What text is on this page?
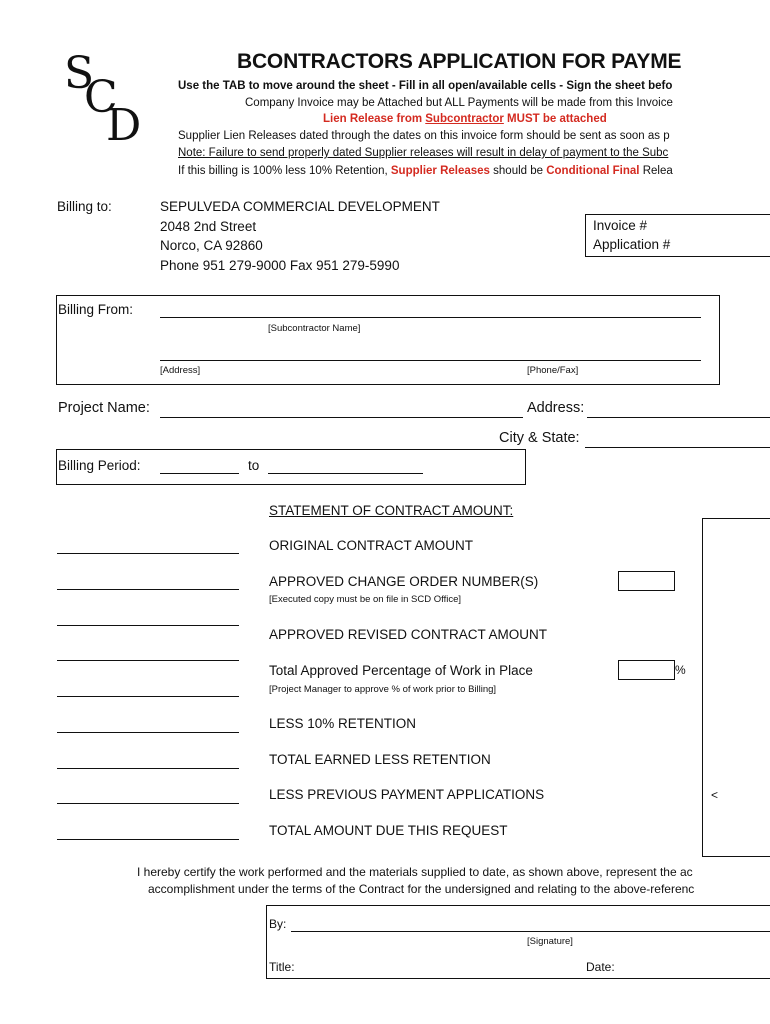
S
C
D
BCONTRACTORS APPLICATION FOR PAYME
Use the TAB to move around the sheet - Fill in all open/available cells - Sign the sheet befo
Company Invoice may be Attached but ALL Payments will be made from this Invoice
Lien Release from Subcontractor MUST be attached
Supplier Lien Releases dated through the dates on this invoice form should be sent as soon as p
Note: Failure to send properly dated Supplier releases will result in delay of payment to the Subc
If this billing is 100% less 10% Retention, Supplier Releases should be Conditional Final Relea
Billing to:	SEPULVEDA COMMERCIAL DEVELOPMENT
2048 2nd Street
Norco, CA 92860
Phone 951 279-9000 Fax 951 279-5990
Invoice #
Application #
Billing From:
[Subcontractor Name]
[Address]	[Phone/Fax]
Project Name:	Address:
City & State:
Billing Period:	to
STATEMENT OF CONTRACT AMOUNT:
ORIGINAL CONTRACT AMOUNT
APPROVED CHANGE ORDER NUMBER(S)
[Executed copy must be on file in SCD Office]
APPROVED REVISED CONTRACT AMOUNT
Total Approved Percentage of Work in Place	%
[Project Manager to approve % of work prior to Billing]
LESS 10% RETENTION
TOTAL EARNED LESS RETENTION
LESS PREVIOUS PAYMENT APPLICATIONS	<
TOTAL AMOUNT DUE THIS REQUEST
I hereby certify the work performed and the materials supplied to date, as shown above, represent the ac
accomplishment under the terms of the Contract for the undersigned and relating to the above-referenc
By:
[Signature]
Title:	Date:
